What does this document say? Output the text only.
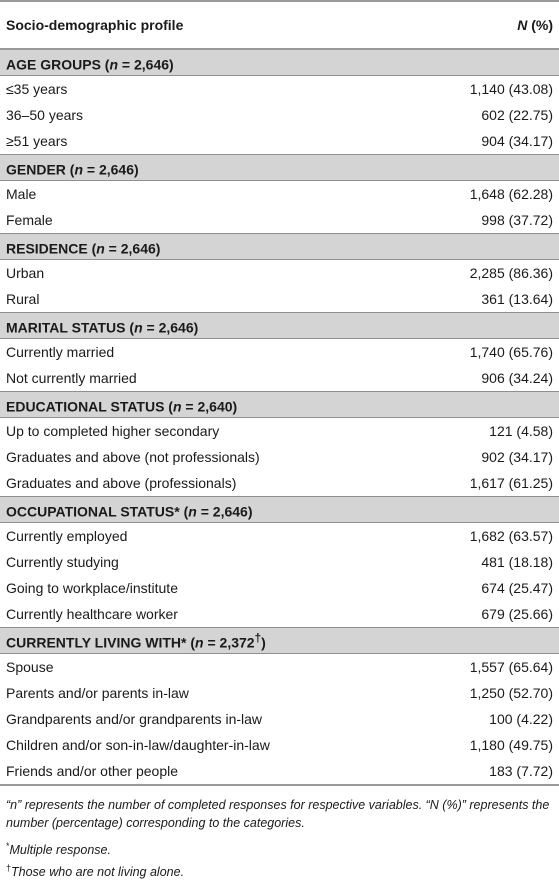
Socio-demographic profile	N (%)
AGE GROUPS (n = 2,646)	
≤35 years	1,140 (43.08)
36–50 years	602 (22.75)
≥51 years	904 (34.17)
GENDER (n = 2,646)	
Male	1,648 (62.28)
Female	998 (37.72)
RESIDENCE (n = 2,646)	
Urban	2,285 (86.36)
Rural	361 (13.64)
MARITAL STATUS (n = 2,646)	
Currently married	1,740 (65.76)
Not currently married	906 (34.24)
EDUCATIONAL STATUS (n = 2,640)	
Up to completed higher secondary	121 (4.58)
Graduates and above (not professionals)	902 (34.17)
Graduates and above (professionals)	1,617 (61.25)
OCCUPATIONAL STATUS* (n = 2,646)	
Currently employed	1,682 (63.57)
Currently studying	481 (18.18)
Going to workplace/institute	674 (25.47)
Currently healthcare worker	679 (25.66)
CURRENTLY LIVING WITH* (n = 2,372†)	
Spouse	1,557 (65.64)
Parents and/or parents in-law	1,250 (52.70)
Grandparents and/or grandparents in-law	100 (4.22)
Children and/or son-in-law/daughter-in-law	1,180 (49.75)
Friends and/or other people	183 (7.72)

“n” represents the number of completed responses for respective variables. “N (%)” represents the number (percentage) corresponding to the categories.

*Multiple response.

†Those who are not living alone.
